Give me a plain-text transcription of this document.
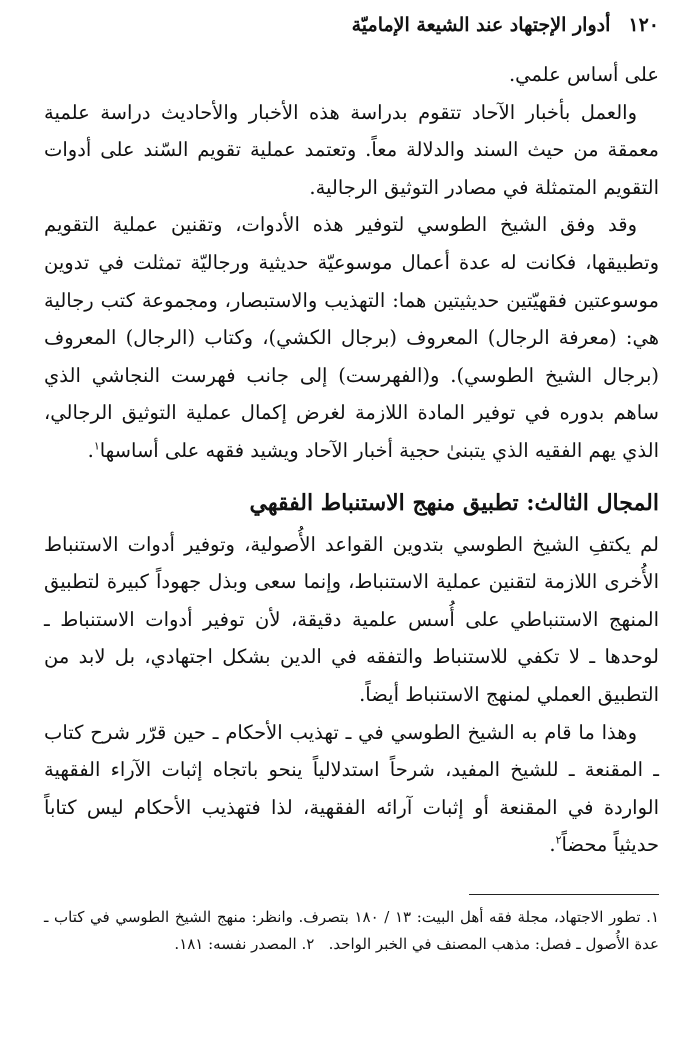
١٢٠
أدوار الإجتهاد عند الشيعة الإماميّة

على أساس علمي.

والعمل بأخبار الآحاد تتقوم بدراسة هذه الأخبار والأحاديث دراسة علمية معمقة من حيث السند والدلالة معاً. وتعتمد عملية تقويم السّند على أدوات التقويم المتمثلة في مصادر التوثيق الرجالية.

وقد وفق الشيخ الطوسي لتوفير هذه الأدوات، وتقنين عملية التقويم وتطبيقها، فكانت له عدة أعمال موسوعيّة حديثية ورجاليّة تمثلت في تدوين موسوعتين فقهيّتين حديثيتين هما: التهذيب والاستبصار، ومجموعة كتب رجالية هي: (معرفة الرجال) المعروف (برجال الكشي)، وكتاب (الرجال) المعروف (برجال الشيخ الطوسي). و(الفهرست) إلى جانب فهرست النجاشي الذي ساهم بدوره في توفير المادة اللازمة لغرض إكمال عملية التوثيق الرجالي، الذي يهم الفقيه الذي يتبنىٰ حجية أخبار الآحاد ويشيد فقهه على أساسها$^١$.

المجال الثالث: تطبيق منهج الاستنباط الفقهي

لم يكتفِ الشيخ الطوسي بتدوين القواعد الأُصولية، وتوفير أدوات الاستنباط الأُخرى اللازمة لتقنين عملية الاستنباط، وإنما سعى وبذل جهوداً كبيرة لتطبيق المنهج الاستنباطي على أُسس علمية دقيقة، لأن توفير أدوات الاستنباط ـ لوحدها ـ لا تكفي للاستنباط والتفقه في الدين بشكل اجتهادي، بل لابد من التطبيق العملي لمنهج الاستنباط أيضاً.

وهذا ما قام به الشيخ الطوسي في ـ تهذيب الأحكام ـ حين قرّر شرح كتاب ـ المقنعة ـ للشيخ المفيد، شرحاً استدلالياً ينحو باتجاه إثبات الآراء الفقهية الواردة في المقنعة أو إثبات آرائه الفقهية، لذا فتهذيب الأحكام ليس كتاباً حديثياً محضاً$^٢$.

١. تطور الاجتهاد، مجلة فقه أهل البيت: ١٣ / ١٨٠ بتصرف. وانظر: منهج الشيخ الطوسي في كتاب ـ عدة الأُصول ـ فصل: مذهب المصنف في الخبر الواحد.   ٢. المصدر نفسه: ١٨١.
